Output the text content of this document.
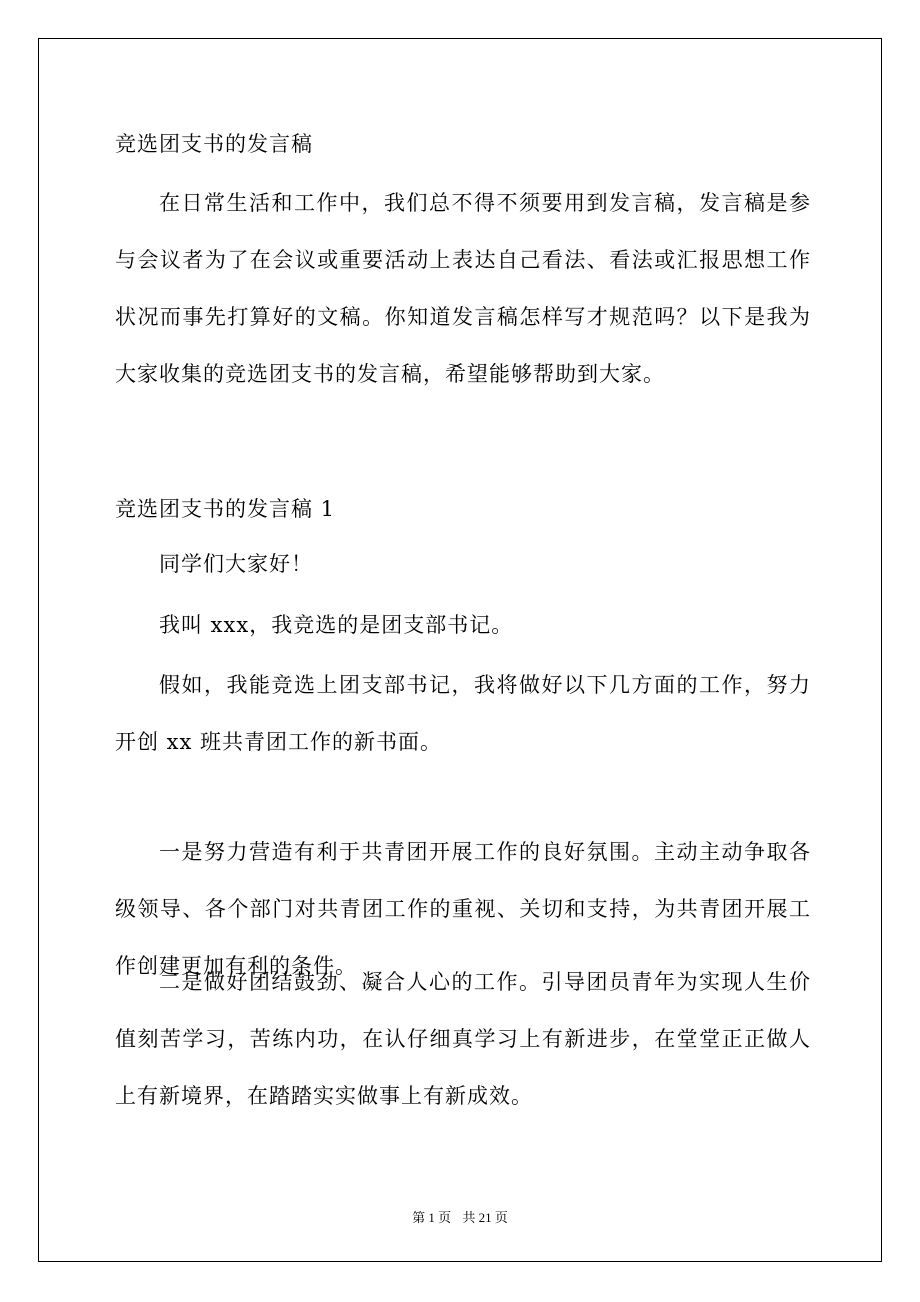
竞选团支书的发言稿
在日常生活和工作中，我们总不得不须要用到发言稿，发言稿是参与会议者为了在会议或重要活动上表达自己看法、看法或汇报思想工作状况而事先打算好的文稿。你知道发言稿怎样写才规范吗？以下是我为大家收集的竞选团支书的发言稿，希望能够帮助到大家。
竞选团支书的发言稿 1
同学们大家好！
我叫 xxx，我竞选的是团支部书记。
假如，我能竞选上团支部书记，我将做好以下几方面的工作，努力开创 xx 班共青团工作的新书面。
一是努力营造有利于共青团开展工作的良好氛围。主动主动争取各级领导、各个部门对共青团工作的重视、关切和支持，为共青团开展工作创建更加有利的条件。
二是做好团结鼓劲、凝合人心的工作。引导团员青年为实现人生价值刻苦学习，苦练内功，在认仔细真学习上有新进步，在堂堂正正做人上有新境界，在踏踏实实做事上有新成效。
第 1 页 共 21 页
